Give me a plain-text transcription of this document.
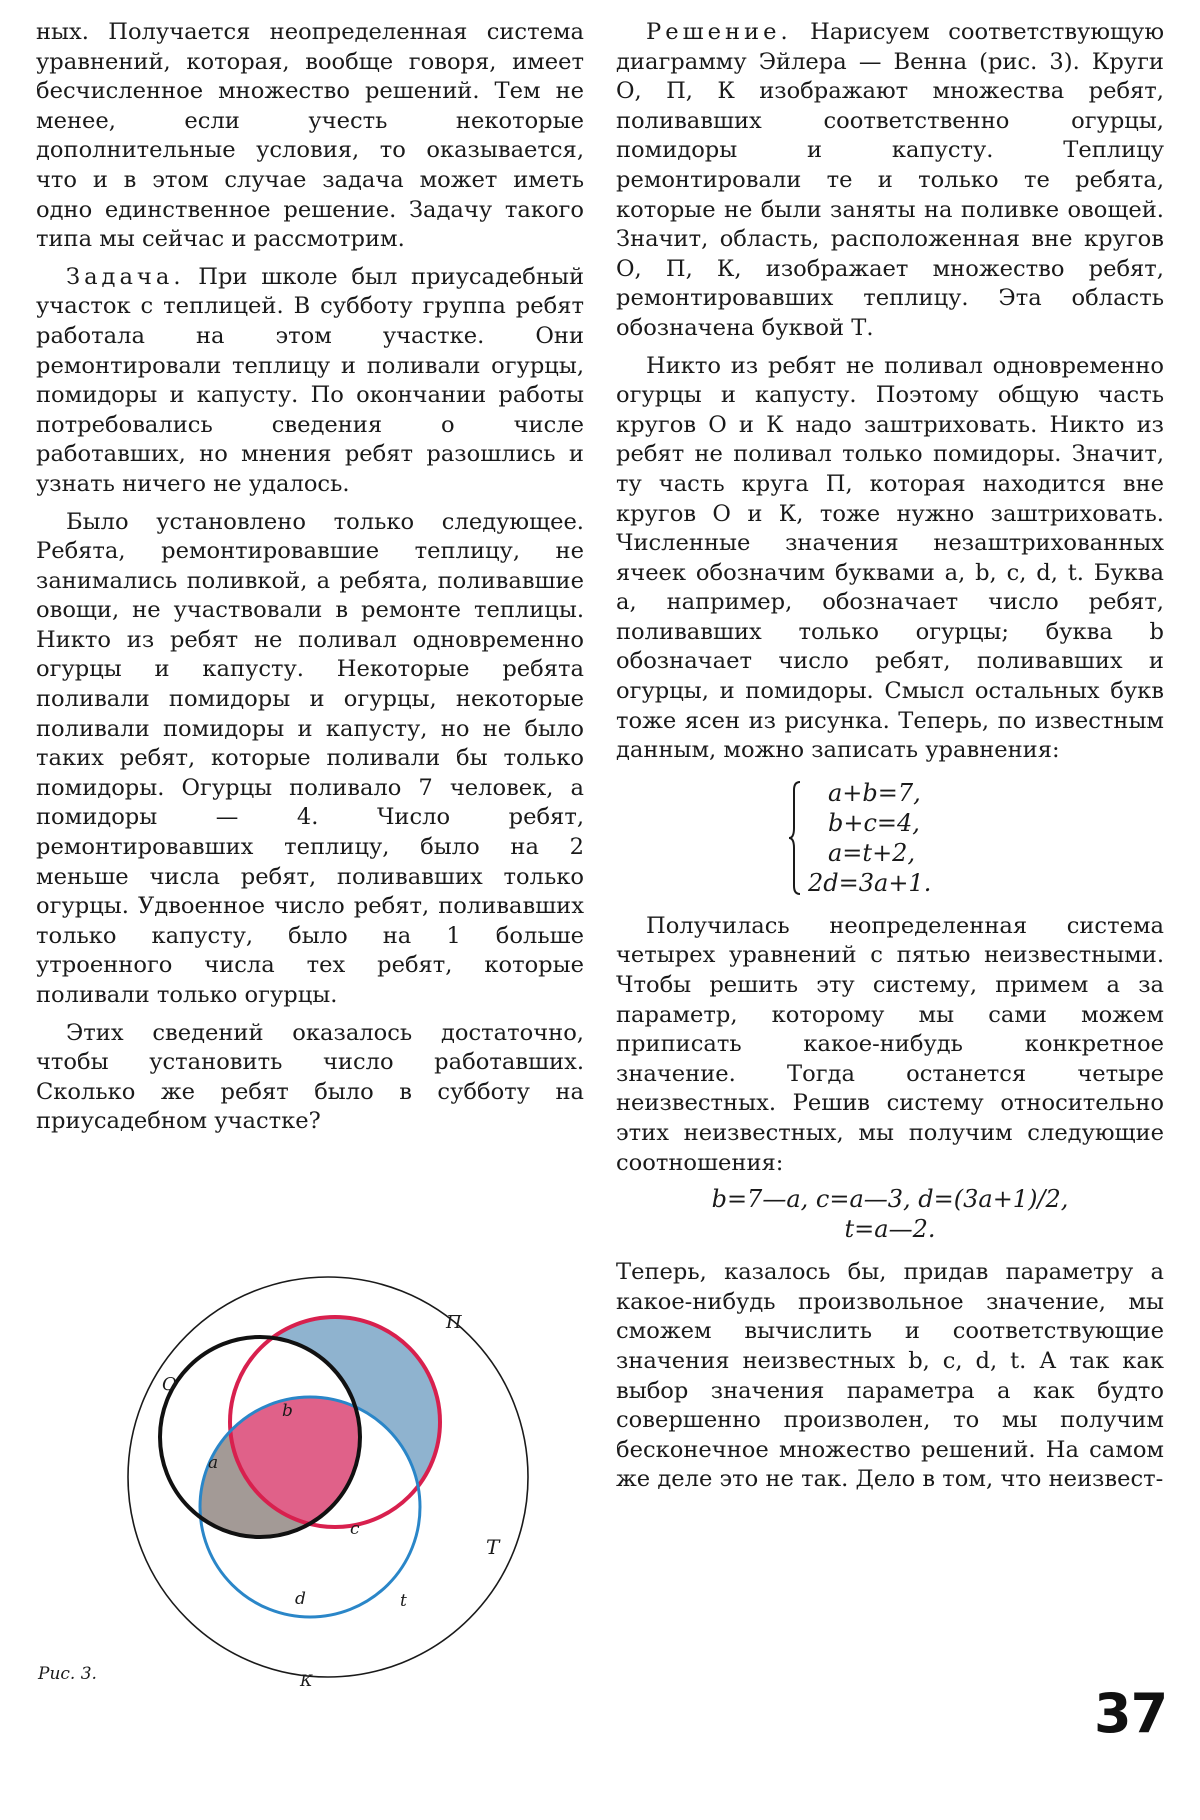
ных. Получается неопределенная система уравнений, которая, вообще говоря, имеет бесчисленное множество решений. Тем не менее, если учесть некоторые дополнительные условия, то оказывается, что и в этом случае задача может иметь одно единственное решение. Задачу такого типа мы сейчас и рассмотрим.

Задача. При школе был приусадебный участок с теплицей. В субботу группа ребят работала на этом участке. Они ремонтировали теплицу и поливали огурцы, помидоры и капусту. По окончании работы потребовались сведения о числе работавших, но мнения ребят разошлись и узнать ничего не удалось.

Было установлено только следующее. Ребята, ремонтировавшие теплицу, не занимались поливкой, а ребята, поливавшие овощи, не участвовали в ремонте теплицы. Никто из ребят не поливал одновременно огурцы и капусту. Некоторые ребята поливали помидоры и огурцы, некоторые поливали помидоры и капусту, но не было таких ребят, которые поливали бы только помидоры. Огурцы поливало 7 человек, а помидоры — 4. Число ребят, ремонтировавших теплицу, было на 2 меньше числа ребят, поливавших только огурцы. Удвоенное число ребят, поливавших только капусту, было на 1 больше утроенного числа тех ребят, которые поливали только огурцы.

Этих сведений оказалось достаточно, чтобы установить число работавших. Сколько же ребят было в субботу на приусадебном участке?

О
П
К
Т
a
b
c
d	t
Рис. 3.

Решение. Нарисуем соответствующую диаграмму Эйлера — Венна (рис. 3). Круги О, П, К изображают множества ребят, поливавших соответственно огурцы, помидоры и капусту. Теплицу ремонтировали те и только те ребята, которые не были заняты на поливке овощей. Значит, область, расположенная вне кругов О, П, К, изображает множество ребят, ремонтировавших теплицу. Эта область обозначена буквой Т.

Никто из ребят не поливал одновременно огурцы и капусту. Поэтому общую часть кругов О и К надо заштриховать. Никто из ребят не поливал только помидоры. Значит, ту часть круга П, которая находится вне кругов О и К, тоже нужно заштриховать. Численные значения незаштрихованных ячеек обозначим буквами a, b, c, d, t. Буква a, например, обозначает число ребят, поливавших только огурцы; буква b обозначает число ребят, поливавших и огурцы, и помидоры. Смысл остальных букв тоже ясен из рисунка. Теперь, по известным данным, можно записать уравнения:

a+b=7,
b+c=4,
a=t+2,
2d=3a+1.

Получилась неопределенная система четырех уравнений с пятью неизвестными. Чтобы решить эту систему, примем a за параметр, которому мы сами можем приписать какое-нибудь конкретное значение. Тогда останется четыре неизвестных. Решив систему относительно этих неизвестных, мы получим следующие соотношения:

b=7—a, c=a—3, d=(3a+1)/2,
t=a—2.

Теперь, казалось бы, придав параметру a какое-нибудь произвольное значение, мы сможем вычислить и соответствующие значения неизвестных b, c, d, t. А так как выбор значения параметра a как будто совершенно произволен, то мы получим бесконечное множество решений. На самом же деле это не так. Дело в том, что неизвест-

37
